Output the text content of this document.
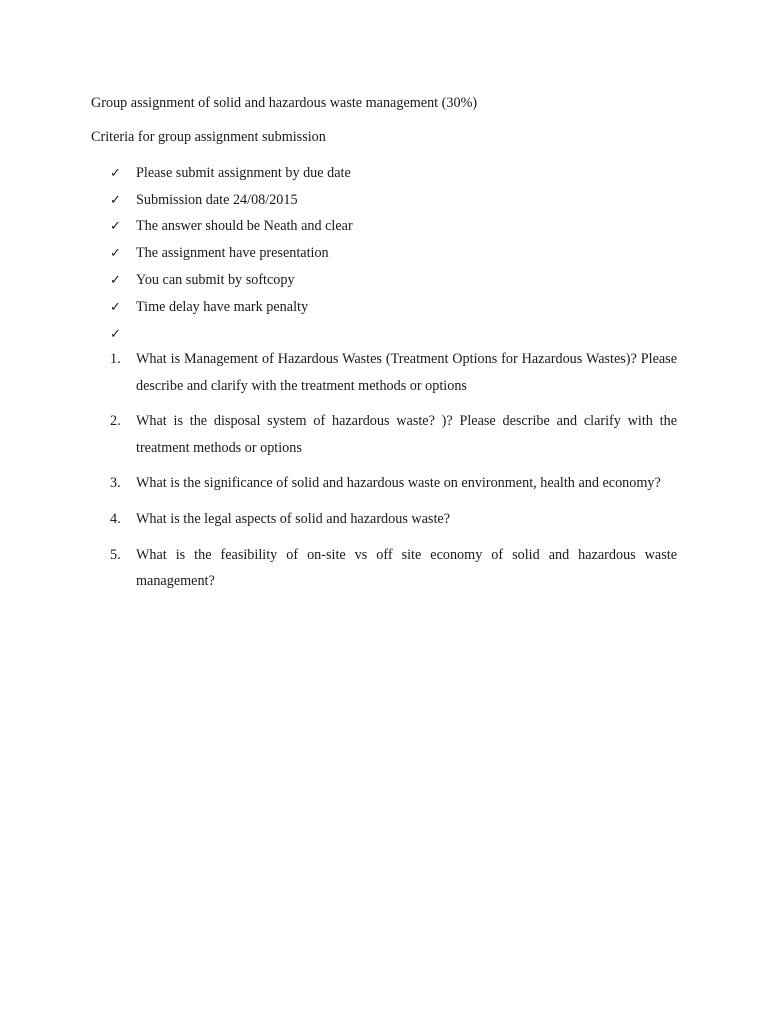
Group assignment of solid and hazardous waste management (30%)
Criteria for group assignment submission
✓	Please submit assignment by due date
✓	Submission date 24/08/2015
✓	The answer should be Neath and clear
✓	The assignment have presentation
✓	You can submit by softcopy
✓	Time delay have mark penalty
✓
1.	What is Management of Hazardous Wastes (Treatment Options for Hazardous Wastes)? Please describe and clarify with the treatment methods or options
2.	What is the disposal system of hazardous waste? )? Please describe and clarify with the treatment methods or options
3.	What is the significance of solid and hazardous waste on environment, health and economy?
4.	What is the legal aspects of solid and hazardous waste?
5.	What is the feasibility of on-site vs off site economy of solid and hazardous waste management?
